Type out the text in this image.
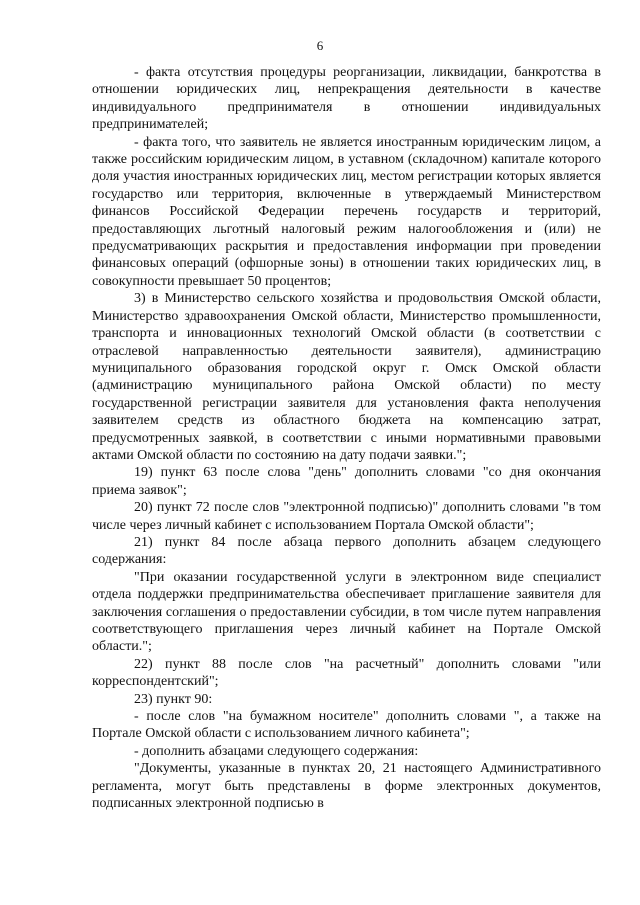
6

- факта отсутствия процедуры реорганизации, ликвидации, банкротства в отношении юридических лиц, непрекращения деятельности в качестве индивидуального предпринимателя в отношении индивидуальных предпринимателей;

- факта того, что заявитель не является иностранным юридическим лицом, а также российским юридическим лицом, в уставном (складочном) капитале которого доля участия иностранных юридических лиц, местом регистрации которых является государство или территория, включенные в утверждаемый Министерством финансов Российской Федерации перечень государств и территорий, предоставляющих льготный налоговый режим налогообложения и (или) не предусматривающих раскрытия и предоставления информации при проведении финансовых операций (офшорные зоны) в отношении таких юридических лиц, в совокупности превышает 50 процентов;

3) в Министерство сельского хозяйства и продовольствия Омской области, Министерство здравоохранения Омской области, Министерство промышленности, транспорта и инновационных технологий Омской области (в соответствии с отраслевой направленностью деятельности заявителя), администрацию муниципального образования городской округ г. Омск Омской области (администрацию муниципального района Омской области) по месту государственной регистрации заявителя для установления факта неполучения заявителем средств из областного бюджета на компенсацию затрат, предусмотренных заявкой, в соответствии с иными нормативными правовыми актами Омской области по состоянию на дату подачи заявки.";

19) пункт 63 после слова "день" дополнить словами "со дня окончания приема заявок";

20) пункт 72 после слов "электронной подписью)" дополнить словами "в том числе через личный кабинет с использованием Портала Омской области";

21) пункт 84 после абзаца первого дополнить абзацем следующего содержания:

"При оказании государственной услуги в электронном виде специалист отдела поддержки предпринимательства обеспечивает приглашение заявителя для заключения соглашения о предоставлении субсидии, в том числе путем направления соответствующего приглашения через личный кабинет на Портале Омской области.";

22) пункт 88 после слов "на расчетный" дополнить словами "или корреспондентский";

23) пункт 90:

- после слов "на бумажном носителе" дополнить словами ", а также на Портале Омской области с использованием личного кабинета";

- дополнить абзацами следующего содержания:

"Документы, указанные в пунктах 20, 21 настоящего Административного регламента, могут быть представлены в форме электронных документов, подписанных электронной подписью в
